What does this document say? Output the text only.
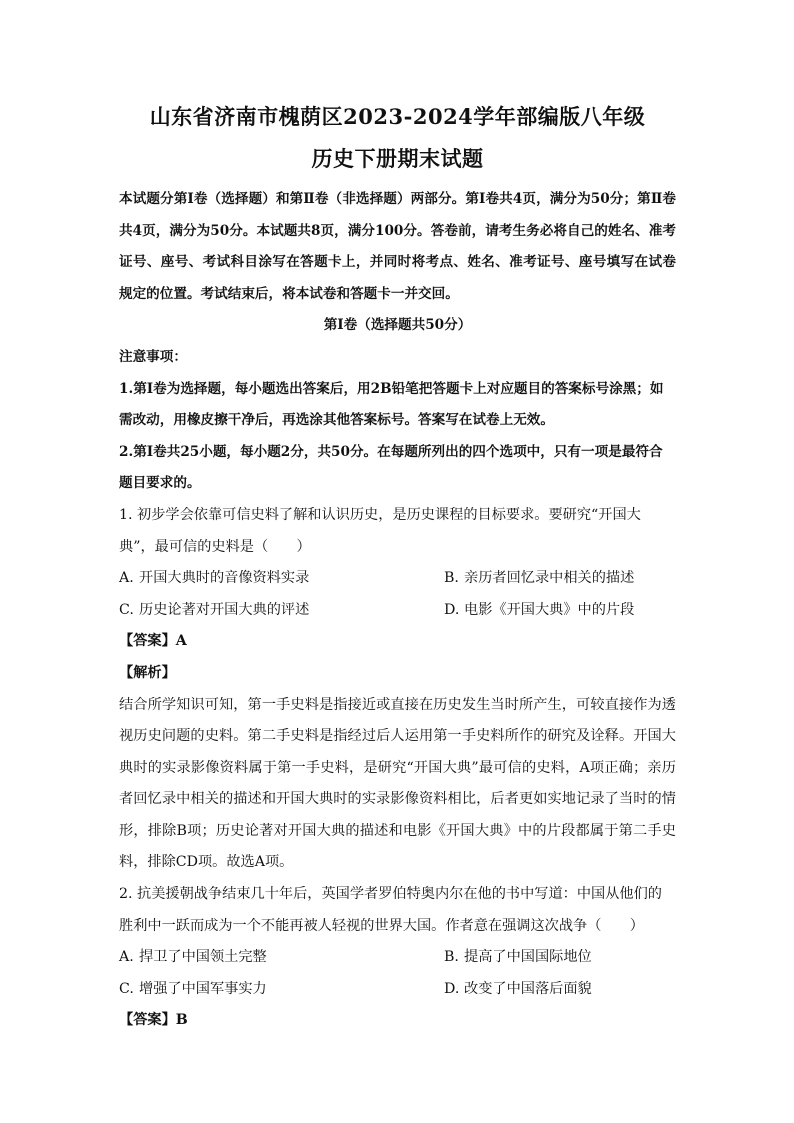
山东省济南市槐荫区2023-2024学年部编版八年级
历史下册期末试题

本试题分第Ⅰ卷（选择题）和第Ⅱ卷（非选择题）两部分。第Ⅰ卷共4页，满分为50分；第Ⅱ卷共4页，满分为50分。本试题共8页，满分100分。答卷前，请考生务必将自己的姓名、准考证号、座号、考试科目涂写在答题卡上，并同时将考点、姓名、准考证号、座号填写在试卷规定的位置。考试结束后，将本试卷和答题卡一并交回。

第Ⅰ卷（选择题共50分）

注意事项：

1.第Ⅰ卷为选择题，每小题选出答案后，用2B铅笔把答题卡上对应题目的答案标号涂黑；如需改动，用橡皮擦干净后，再选涂其他答案标号。答案写在试卷上无效。

2.第Ⅰ卷共25小题，每小题2分，共50分。在每题所列出的四个选项中，只有一项是最符合题目要求的。

1. 初步学会依靠可信史料了解和认识历史，是历史课程的目标要求。要研究“开国大典”，最可信的史料是（　　）

A. 开国大典时的音像资料实录	B. 亲历者回忆录中相关的描述
C. 历史论著对开国大典的评述	D. 电影《开国大典》中的片段

【答案】A

【解析】

结合所学知识可知，第一手史料是指接近或直接在历史发生当时所产生，可较直接作为透视历史问题的史料。第二手史料是指经过后人运用第一手史料所作的研究及诠释。开国大典时的实录影像资料属于第一手史料，是研究“开国大典”最可信的史料，A项正确；亲历者回忆录中相关的描述和开国大典时的实录影像资料相比，后者更如实地记录了当时的情形，排除B项；历史论著对开国大典的描述和电影《开国大典》中的片段都属于第二手史料，排除CD项。故选A项。

2. 抗美援朝战争结束几十年后，英国学者罗伯特奥内尔在他的书中写道：中国从他们的胜利中一跃而成为一个不能再被人轻视的世界大国。作者意在强调这次战争（　　）

A. 捍卫了中国领土完整	B. 提高了中国国际地位
C. 增强了中国军事实力	D. 改变了中国落后面貌

【答案】B
